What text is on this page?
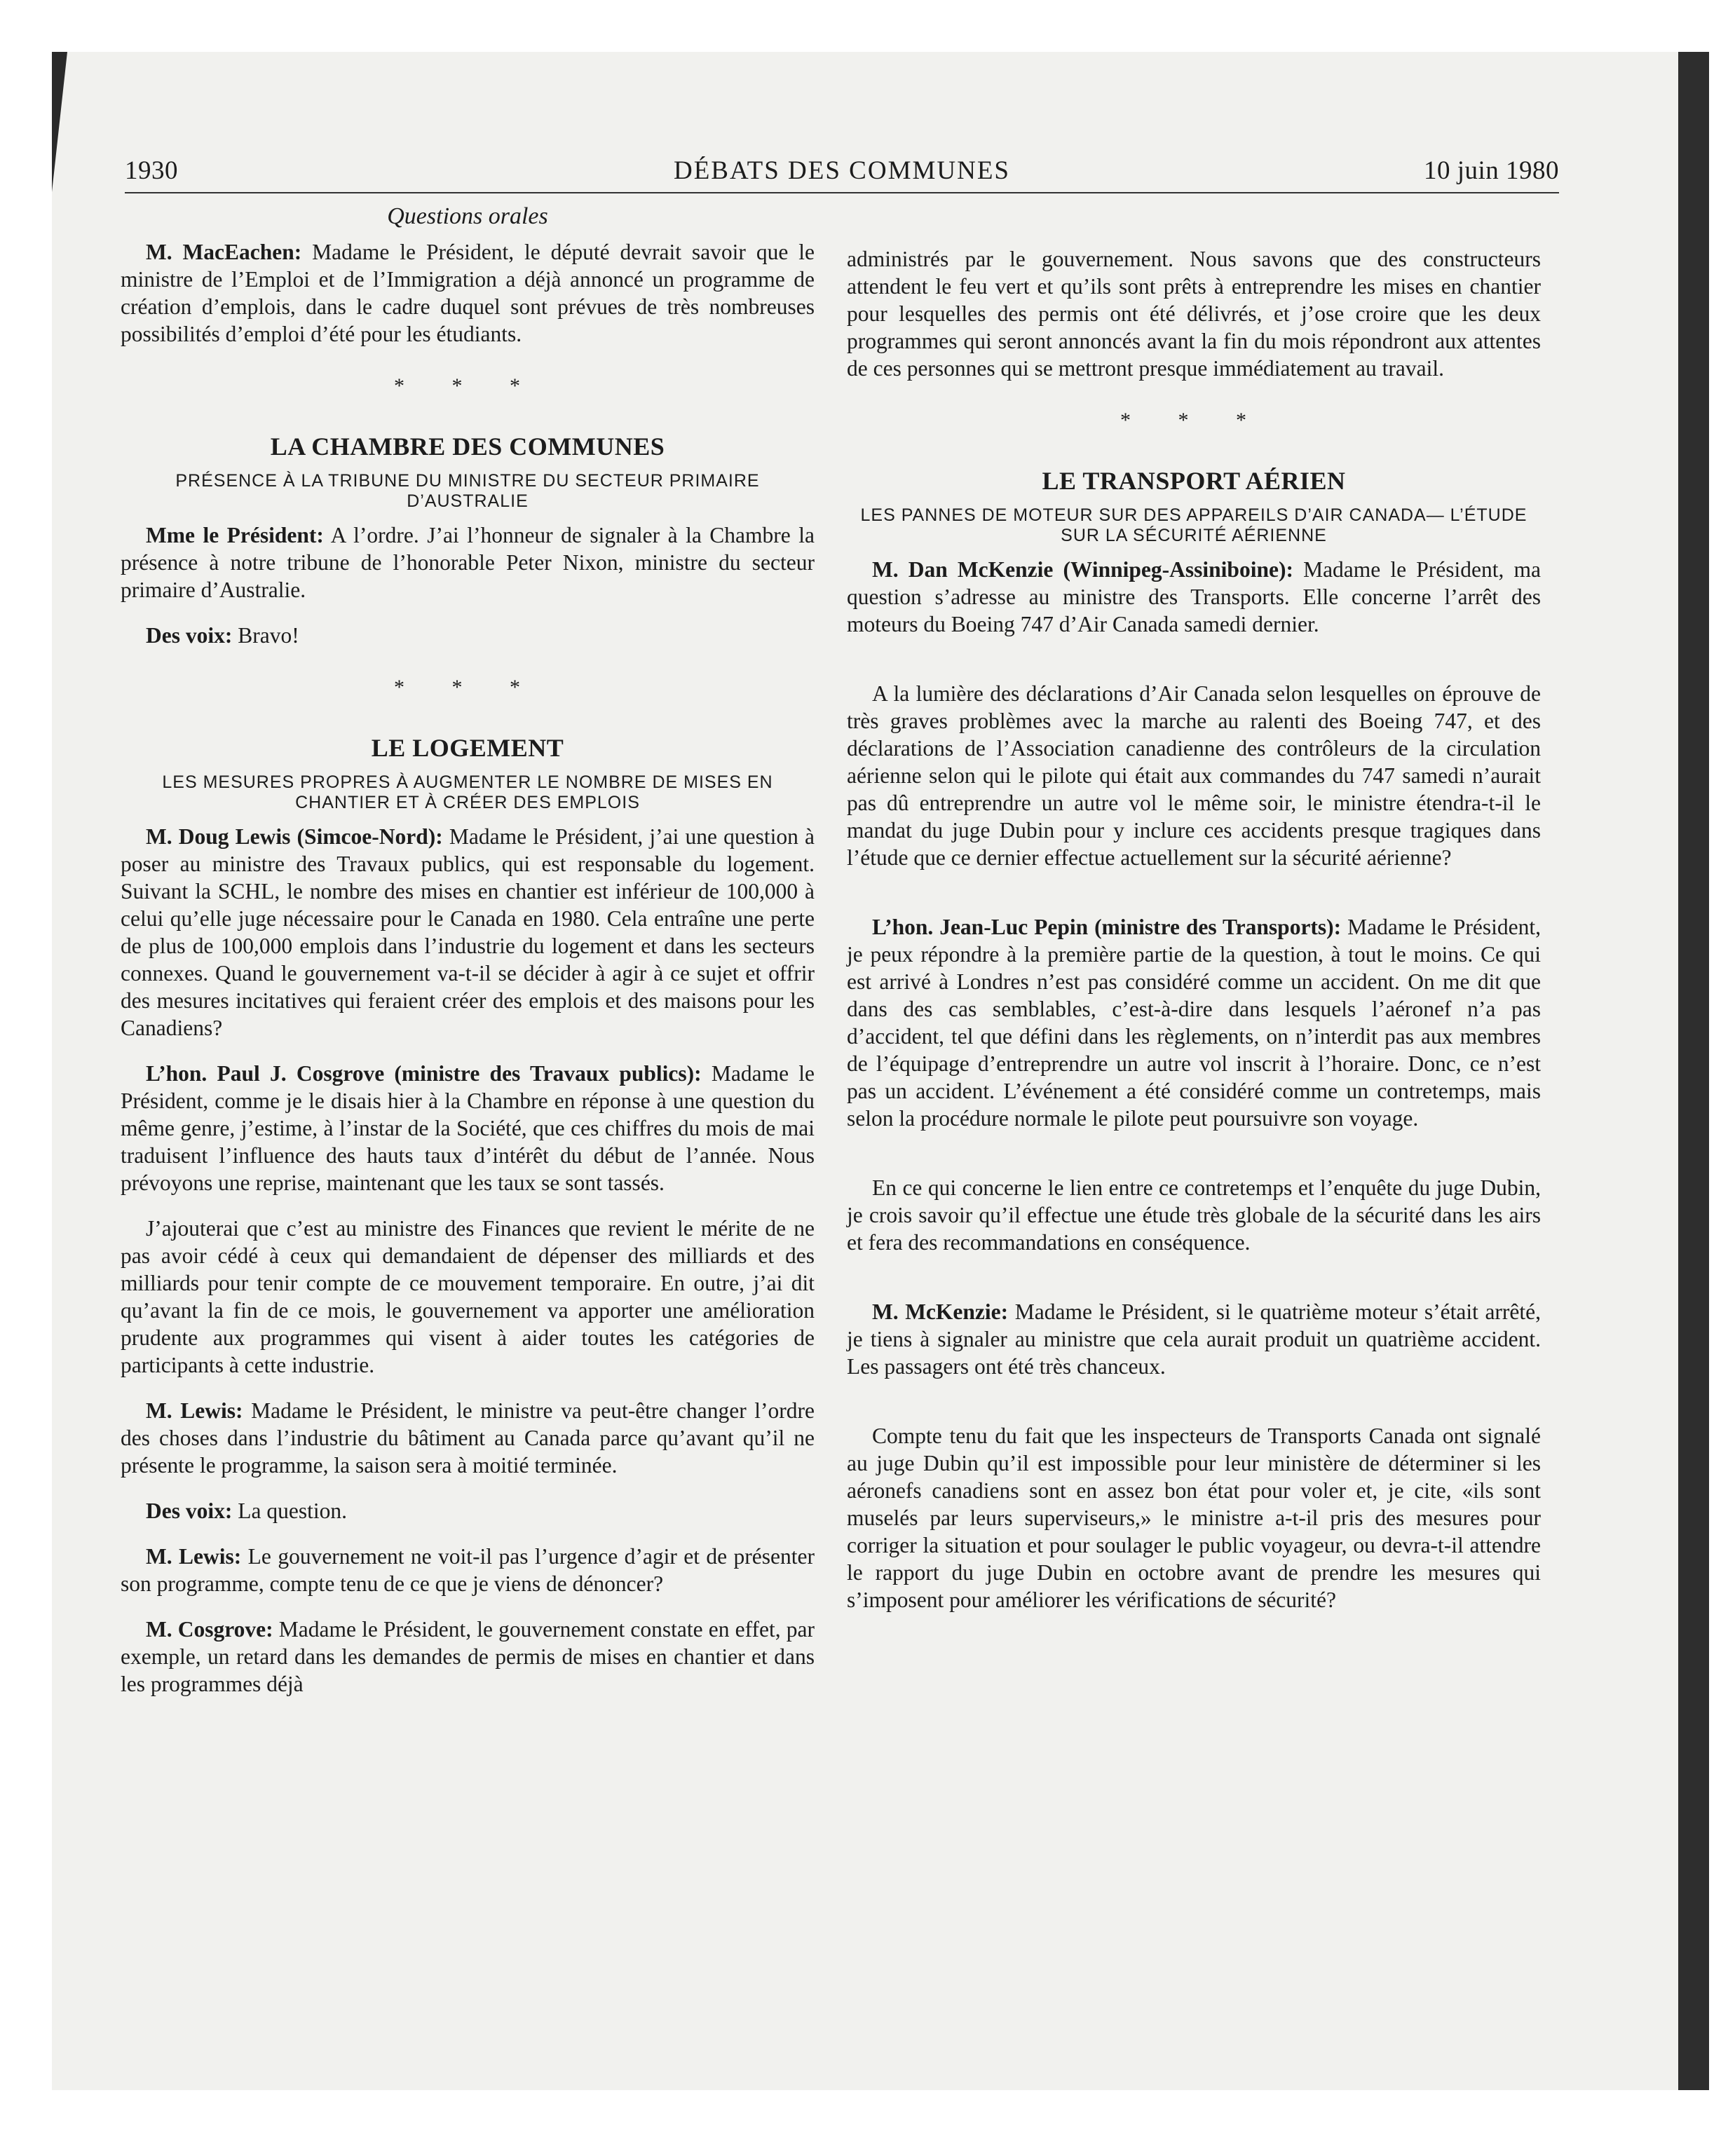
1930	DÉBATS DES COMMUNES	10 juin 1980
Questions orales

M. MacEachen: Madame le Président, le député devrait savoir que le ministre de l’Emploi et de l’Immigration a déjà annoncé un programme de création d’emplois, dans le cadre duquel sont prévues de très nombreuses possibilités d’emploi d’été pour les étudiants.

* * *
LA CHAMBRE DES COMMUNES
PRÉSENCE À LA TRIBUNE DU MINISTRE DU SECTEUR PRIMAIRE D’AUSTRALIE

Mme le Président: A l’ordre. J’ai l’honneur de signaler à la Chambre la présence à notre tribune de l’honorable Peter Nixon, ministre du secteur primaire d’Australie.

Des voix: Bravo!

* * *
LE LOGEMENT
LES MESURES PROPRES À AUGMENTER LE NOMBRE DE MISES EN CHANTIER ET À CRÉER DES EMPLOIS

M. Doug Lewis (Simcoe-Nord): Madame le Président, j’ai une question à poser au ministre des Travaux publics, qui est responsable du logement. Suivant la SCHL, le nombre des mises en chantier est inférieur de 100,000 à celui qu’elle juge nécessaire pour le Canada en 1980. Cela entraîne une perte de plus de 100,000 emplois dans l’industrie du logement et dans les secteurs connexes. Quand le gouvernement va-t-il se décider à agir à ce sujet et offrir des mesures incitatives qui feraient créer des emplois et des maisons pour les Canadiens?

L’hon. Paul J. Cosgrove (ministre des Travaux publics): Madame le Président, comme je le disais hier à la Chambre en réponse à une question du même genre, j’estime, à l’instar de la Société, que ces chiffres du mois de mai traduisent l’influence des hauts taux d’intérêt du début de l’année. Nous prévoyons une reprise, maintenant que les taux se sont tassés.

J’ajouterai que c’est au ministre des Finances que revient le mérite de ne pas avoir cédé à ceux qui demandaient de dépenser des milliards et des milliards pour tenir compte de ce mouvement temporaire. En outre, j’ai dit qu’avant la fin de ce mois, le gouvernement va apporter une amélioration prudente aux programmes qui visent à aider toutes les catégories de participants à cette industrie.

M. Lewis: Madame le Président, le ministre va peut-être changer l’ordre des choses dans l’industrie du bâtiment au Canada parce qu’avant qu’il ne présente le programme, la saison sera à moitié terminée.

Des voix: La question.

M. Lewis: Le gouvernement ne voit-il pas l’urgence d’agir et de présenter son programme, compte tenu de ce que je viens de dénoncer?

M. Cosgrove: Madame le Président, le gouvernement constate en effet, par exemple, un retard dans les demandes de permis de mises en chantier et dans les programmes déjà

administrés par le gouvernement. Nous savons que des constructeurs attendent le feu vert et qu’ils sont prêts à entreprendre les mises en chantier pour lesquelles des permis ont été délivrés, et j’ose croire que les deux programmes qui seront annoncés avant la fin du mois répondront aux attentes de ces personnes qui se mettront presque immédiatement au travail.

* * *
LE TRANSPORT AÉRIEN
LES PANNES DE MOTEUR SUR DES APPAREILS D’AIR CANADA— L’ÉTUDE SUR LA SÉCURITÉ AÉRIENNE

M. Dan McKenzie (Winnipeg-Assiniboine): Madame le Président, ma question s’adresse au ministre des Transports. Elle concerne l’arrêt des moteurs du Boeing 747 d’Air Canada samedi dernier.

A la lumière des déclarations d’Air Canada selon lesquelles on éprouve de très graves problèmes avec la marche au ralenti des Boeing 747, et des déclarations de l’Association canadienne des contrôleurs de la circulation aérienne selon qui le pilote qui était aux commandes du 747 samedi n’aurait pas dû entreprendre un autre vol le même soir, le ministre étendra-t-il le mandat du juge Dubin pour y inclure ces accidents presque tragiques dans l’étude que ce dernier effectue actuellement sur la sécurité aérienne?

L’hon. Jean-Luc Pepin (ministre des Transports): Madame le Président, je peux répondre à la première partie de la question, à tout le moins. Ce qui est arrivé à Londres n’est pas considéré comme un accident. On me dit que dans des cas semblables, c’est-à-dire dans lesquels l’aéronef n’a pas d’accident, tel que défini dans les règlements, on n’interdit pas aux membres de l’équipage d’entreprendre un autre vol inscrit à l’horaire. Donc, ce n’est pas un accident. L’événement a été considéré comme un contretemps, mais selon la procédure normale le pilote peut poursuivre son voyage.

En ce qui concerne le lien entre ce contretemps et l’enquête du juge Dubin, je crois savoir qu’il effectue une étude très globale de la sécurité dans les airs et fera des recommandations en conséquence.

M. McKenzie: Madame le Président, si le quatrième moteur s’était arrêté, je tiens à signaler au ministre que cela aurait produit un quatrième accident. Les passagers ont été très chanceux.

Compte tenu du fait que les inspecteurs de Transports Canada ont signalé au juge Dubin qu’il est impossible pour leur ministère de déterminer si les aéronefs canadiens sont en assez bon état pour voler et, je cite, «ils sont muselés par leurs superviseurs,» le ministre a-t-il pris des mesures pour corriger la situation et pour soulager le public voyageur, ou devra-t-il attendre le rapport du juge Dubin en octobre avant de prendre les mesures qui s’imposent pour améliorer les vérifications de sécurité?
